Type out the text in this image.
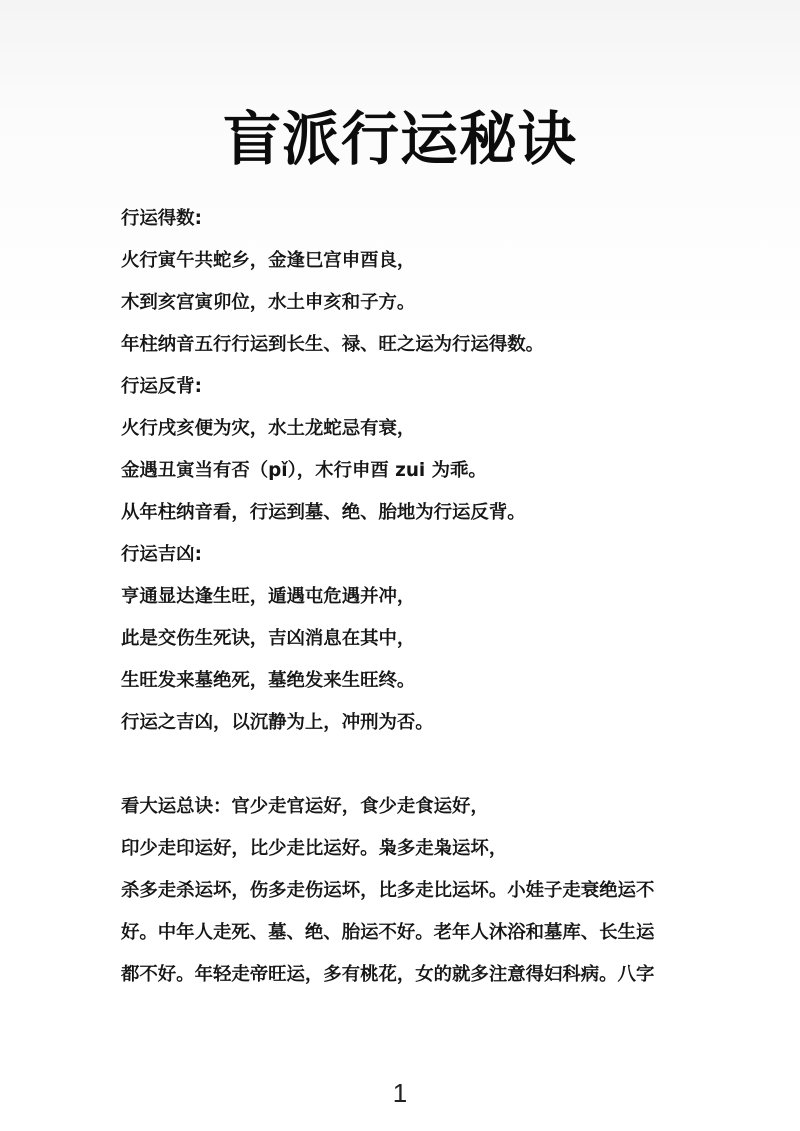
盲派行运秘诀
行运得数:
火行寅午共蛇乡，金逢巳宫申酉良，
木到亥宫寅卯位，水土申亥和子方。
年柱纳音五行行运到长生、禄、旺之运为行运得数。
行运反背:
火行戌亥便为灾，水土龙蛇忌有衰，
金遇丑寅当有否（pǐ），木行申酉 zui 为乖。
从年柱纳音看，行运到墓、绝、胎地为行运反背。
行运吉凶:
亨通显达逢生旺，遁遇屯危遇并冲，
此是交伤生死诀，吉凶消息在其中，
生旺发来墓绝死，墓绝发来生旺终。
行运之吉凶，以沉静为上，冲刑为否。
看大运总诀：官少走官运好，食少走食运好，
印少走印运好，比少走比运好。枭多走枭运坏，
杀多走杀运坏，伤多走伤运坏，比多走比运坏。小娃子走衰绝运不
好。中年人走死、墓、绝、胎运不好。老年人沐浴和墓库、长生运
都不好。年轻走帝旺运，多有桃花，女的就多注意得妇科病。八字
1
